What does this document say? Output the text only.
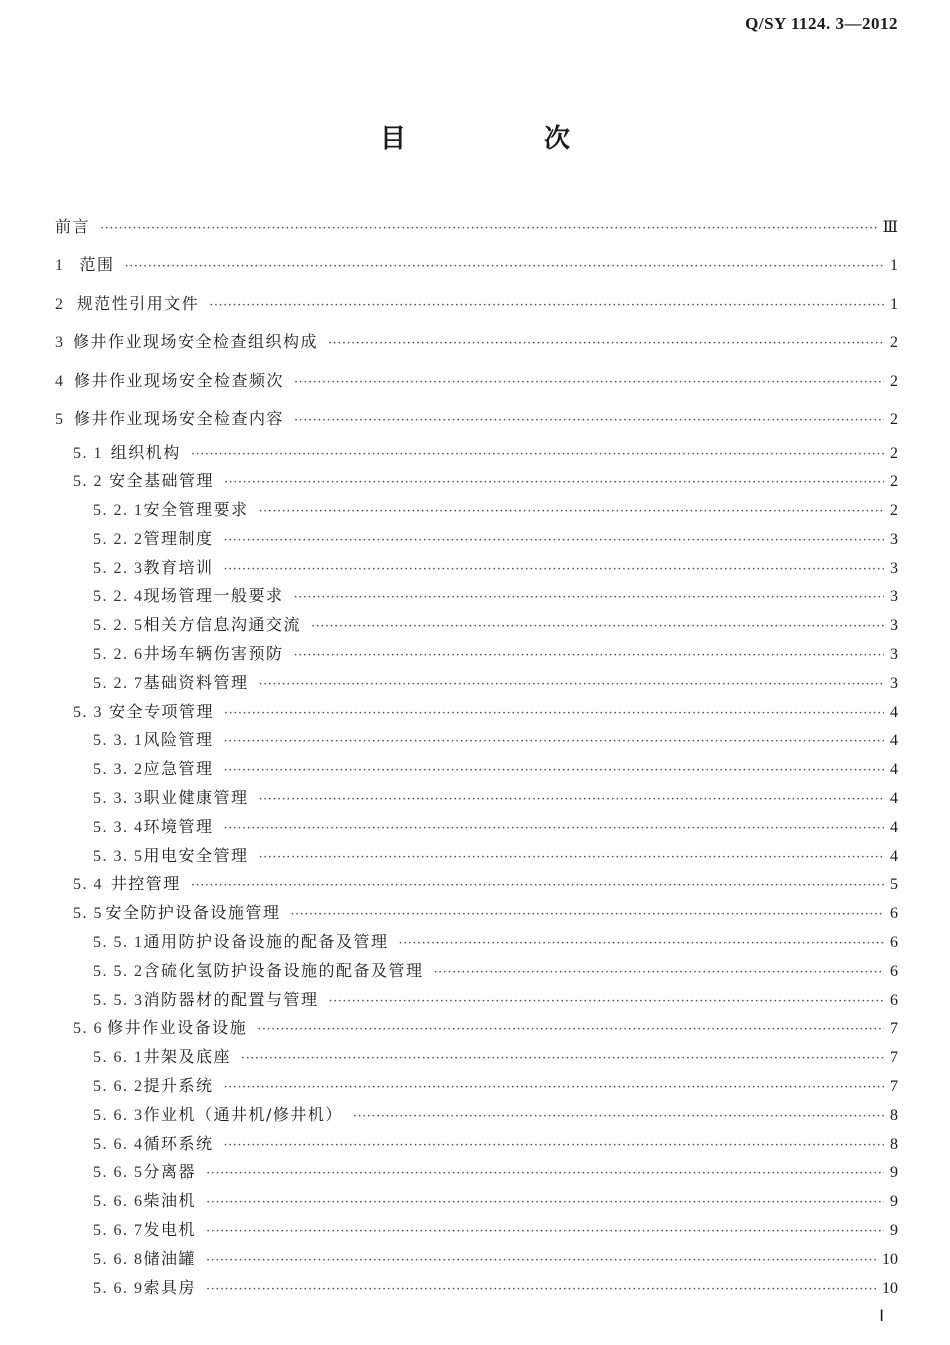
Q/SY 1124. 3—2012
目　次
前言 ·····	Ⅲ
1 范围 ·····	1
2 规范性引用文件 ·····	1
3 修井作业现场安全检查组织构成 ·····	2
4 修井作业现场安全检查频次 ·····	2
5 修井作业现场安全检查内容 ·····	2
5. 1 组织机构 ·····	2
5. 2 安全基础管理 ·····	2
5. 2. 1 安全管理要求 ·····	2
5. 2. 2 管理制度 ·····	3
5. 2. 3 教育培训 ·····	3
5. 2. 4 现场管理一般要求 ·····	3
5. 2. 5 相关方信息沟通交流 ·····	3
5. 2. 6 井场车辆伤害预防 ·····	3
5. 2. 7 基础资料管理 ·····	3
5. 3 安全专项管理 ·····	4
5. 3. 1 风险管理 ·····	4
5. 3. 2 应急管理 ·····	4
5. 3. 3 职业健康管理 ·····	4
5. 3. 4 环境管理 ·····	4
5. 3. 5 用电安全管理 ·····	4
5. 4 井控管理 ·····	5
5. 5 安全防护设备设施管理 ·····	6
5. 5. 1 通用防护设备设施的配备及管理 ·····	6
5. 5. 2 含硫化氢防护设备设施的配备及管理 ·····	6
5. 5. 3 消防器材的配置与管理 ·····	6
5. 6 修井作业设备设施 ·····	7
5. 6. 1 井架及底座 ·····	7
5. 6. 2 提升系统 ·····	7
5. 6. 3 作业机（通井机/修井机） ·····	8
5. 6. 4 循环系统 ·····	8
5. 6. 5 分离器 ·····	9
5. 6. 6 柴油机 ·····	9
5. 6. 7 发电机 ·····	9
5. 6. 8 储油罐 ·····	10
5. 6. 9 索具房 ·····	10
Ⅰ
